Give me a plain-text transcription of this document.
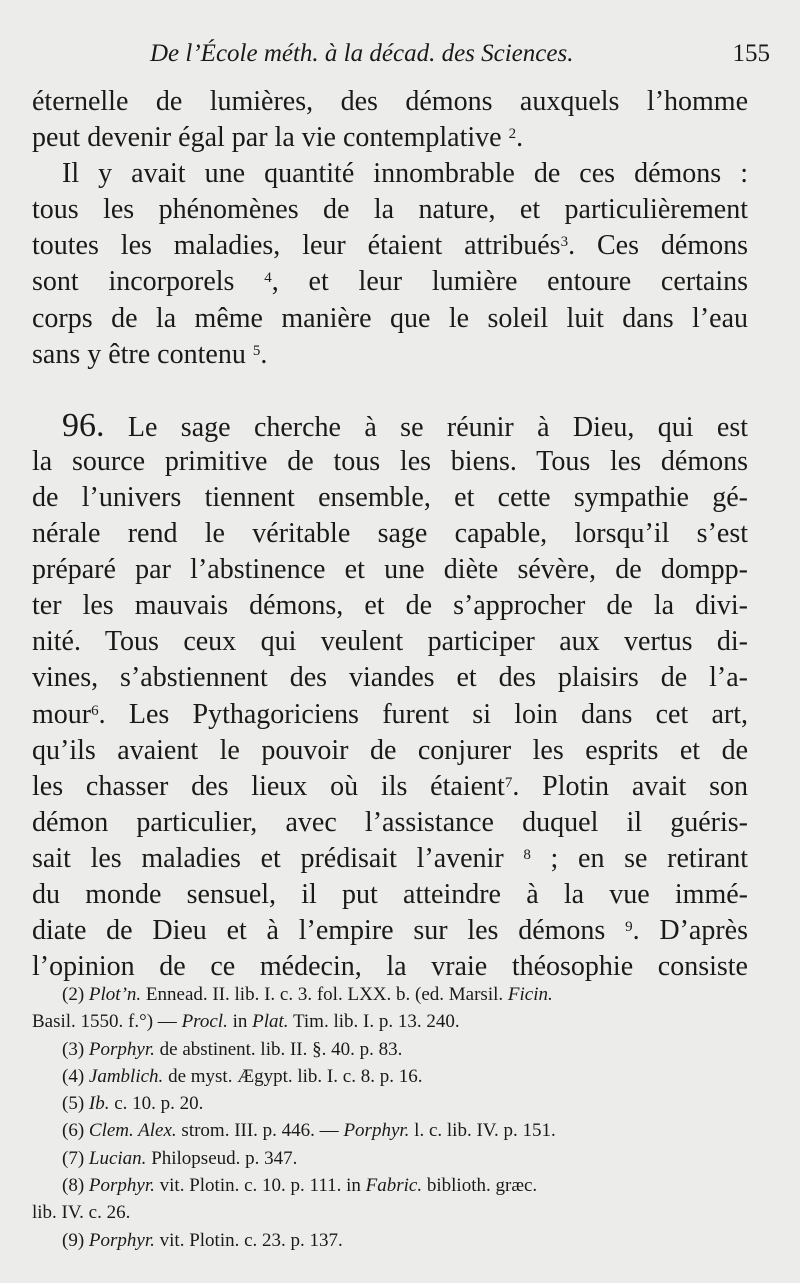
De l’École méth. à la décad. des Sciences.	155
éternelle de lumières, des démons auxquels l’homme
peut devenir égal par la vie contemplative $^2$.
Il y avait une quantité innombrable de ces démons :
tous les phénomènes de la nature, et particulièrement
toutes les maladies, leur étaient attribués$^3$. Ces démons
sont incorporels $^4$, et leur lumière entoure certains
corps de la même manière que le soleil luit dans l’eau
sans y être contenu $^5$.
96. Le sage cherche à se réunir à Dieu, qui est
la source primitive de tous les biens. Tous les démons
de l’univers tiennent ensemble, et cette sympathie gé-
nérale rend le véritable sage capable, lorsqu’il s’est
préparé par l’abstinence et une diète sévère, de dompp-
ter les mauvais démons, et de s’approcher de la divi-
nité. Tous ceux qui veulent participer aux vertus di-
vines, s’abstiennent des viandes et des plaisirs de l’a-
mour$^6$. Les Pythagoriciens furent si loin dans cet art,
qu’ils avaient le pouvoir de conjurer les esprits et de
les chasser des lieux où ils étaient$^7$. Plotin avait son
démon particulier, avec l’assistance duquel il guéris-
sait les maladies et prédisait l’avenir $^8$ ; en se retirant
du monde sensuel, il put atteindre à la vue immé-
diate de Dieu et à l’empire sur les démons $^9$. D’après
l’opinion de ce médecin, la vraie théosophie consiste
(2) Plot’n. Ennead. II. lib. I. c. 3. fol. LXX. b. (ed. Marsil. Ficin.
Basil. 1550. f.°) — Procl. in Plat. Tim. lib. I. p. 13. 240.
(3) Porphyr. de abstinent. lib. II. §. 40. p. 83.
(4) Jamblich. de myst. Ægypt. lib. I. c. 8. p. 16.
(5) Ib. c. 10. p. 20.
(6) Clem. Alex. strom. III. p. 446. — Porphyr. l. c. lib. IV. p. 151.
(7) Lucian. Philopseud. p. 347.
(8) Porphyr. vit. Plotin. c. 10. p. 111. in Fabric. biblioth. græc.
lib. IV. c. 26.
(9) Porphyr. vit. Plotin. c. 23. p. 137.
